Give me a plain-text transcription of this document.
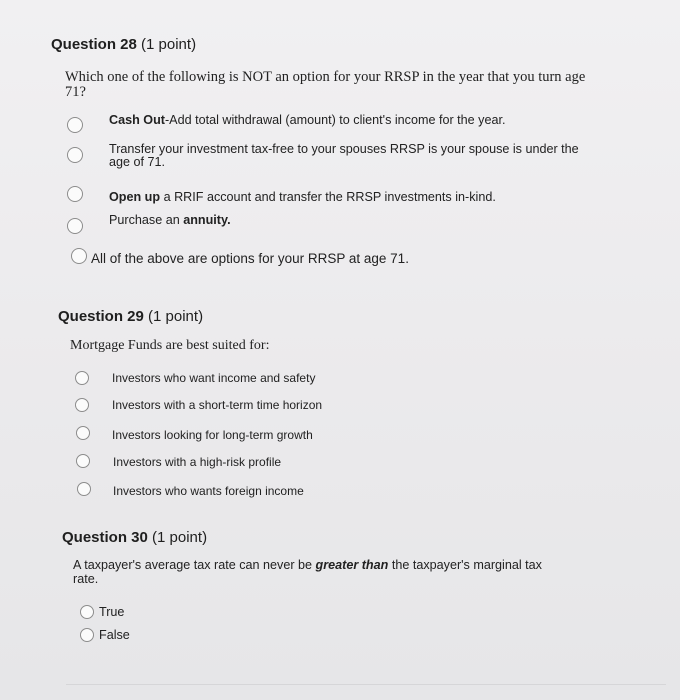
Question 28 (1 point)
Which one of the following is NOT an option for your RRSP in the year that you turn age
71?
Cash Out-Add total withdrawal (amount) to client's income for the year.
Transfer your investment tax-free to your spouses RRSP is your spouse is under the
age of 71.
Open up a RRIF account and transfer the RRSP investments in-kind.
Purchase an annuity.
All of the above are options for your RRSP at age 71.
Question 29 (1 point)
Mortgage Funds are best suited for:
Investors who want income and safety
Investors with a short-term time horizon
Investors looking for long-term growth
Investors with a high-risk profile
Investors who wants foreign income
Question 30 (1 point)
A taxpayer's average tax rate can never be greater than the taxpayer's marginal tax
rate.
True
False
